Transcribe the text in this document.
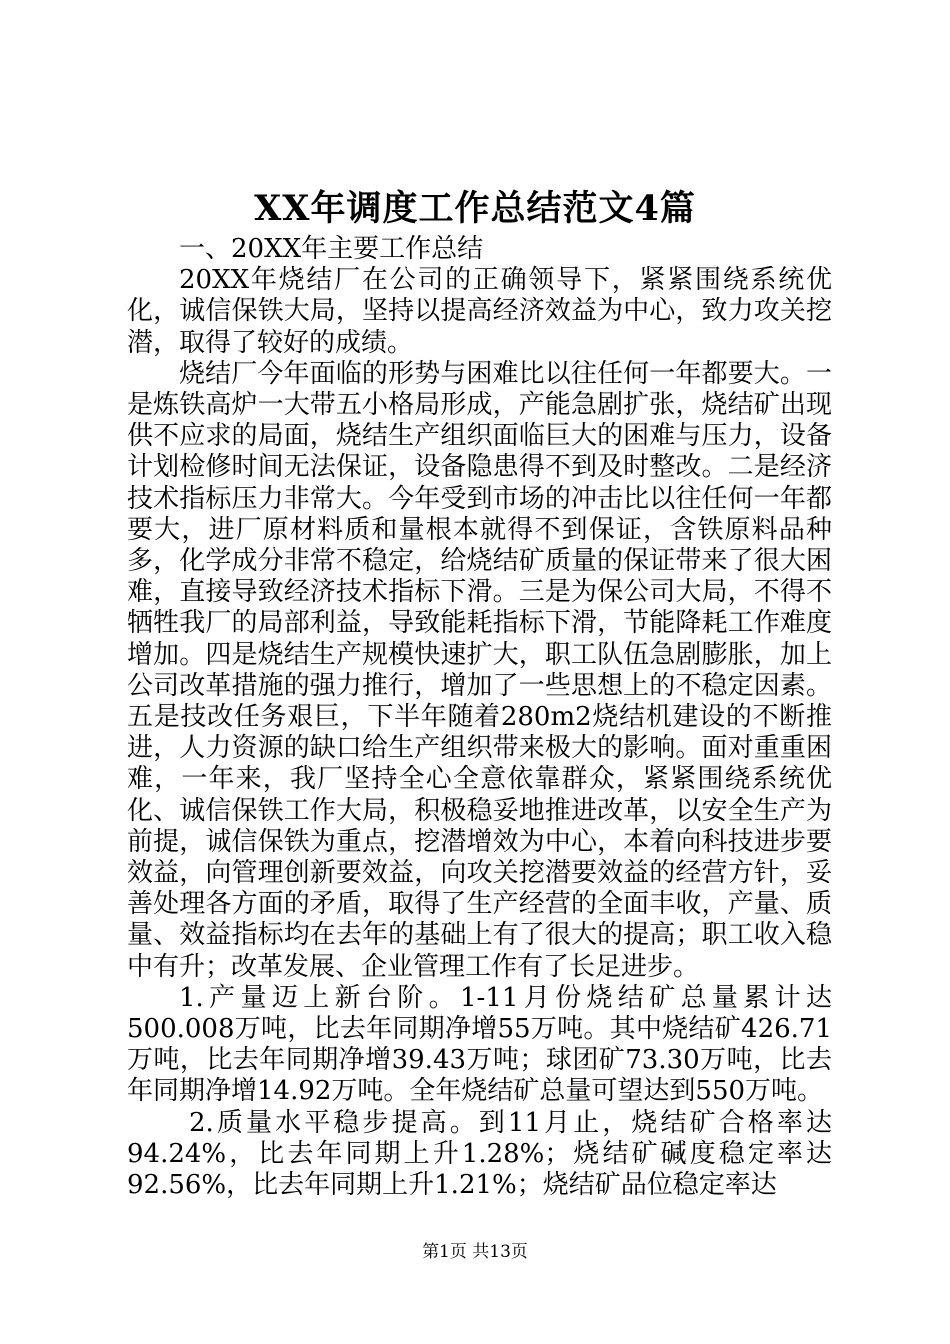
XX年调度工作总结范文4篇

一、20XX年主要工作总结

20XX年烧结厂在公司的正确领导下，紧紧围绕系统优化，诚信保铁大局，坚持以提高经济效益为中心，致力攻关挖潜，取得了较好的成绩。

烧结厂今年面临的形势与困难比以往任何一年都要大。一是炼铁高炉一大带五小格局形成，产能急剧扩张，烧结矿出现供不应求的局面，烧结生产组织面临巨大的困难与压力，设备计划检修时间无法保证，设备隐患得不到及时整改。二是经济技术指标压力非常大。今年受到市场的冲击比以往任何一年都要大，进厂原材料质和量根本就得不到保证，含铁原料品种多，化学成分非常不稳定，给烧结矿质量的保证带来了很大困难，直接导致经济技术指标下滑。三是为保公司大局，不得不牺牲我厂的局部利益，导致能耗指标下滑，节能降耗工作难度增加。四是烧结生产规模快速扩大，职工队伍急剧膨胀，加上公司改革措施的强力推行，增加了一些思想上的不稳定因素。五是技改任务艰巨，下半年随着280m2烧结机建设的不断推进，人力资源的缺口给生产组织带来极大的影响。面对重重困难，一年来，我厂坚持全心全意依靠群众，紧紧围绕系统优化、诚信保铁工作大局，积极稳妥地推进改革，以安全生产为前提，诚信保铁为重点，挖潜增效为中心，本着向科技进步要效益，向管理创新要效益，向攻关挖潜要效益的经营方针，妥善处理各方面的矛盾，取得了生产经营的全面丰收，产量、质量、效益指标均在去年的基础上有了很大的提高；职工收入稳中有升；改革发展、企业管理工作有了长足进步。

1.产量迈上新台阶。1-11月份烧结矿总量累计达500.008万吨，比去年同期净增55万吨。其中烧结矿426.71万吨，比去年同期净增39.43万吨；球团矿73.30万吨，比去年同期净增14.92万吨。全年烧结矿总量可望达到550万吨。

2.质量水平稳步提高。到11月止，烧结矿合格率达94.24%，比去年同期上升1.28%；烧结矿碱度稳定率达92.56%，比去年同期上升1.21%；烧结矿品位稳定率达

第1页 共13页
